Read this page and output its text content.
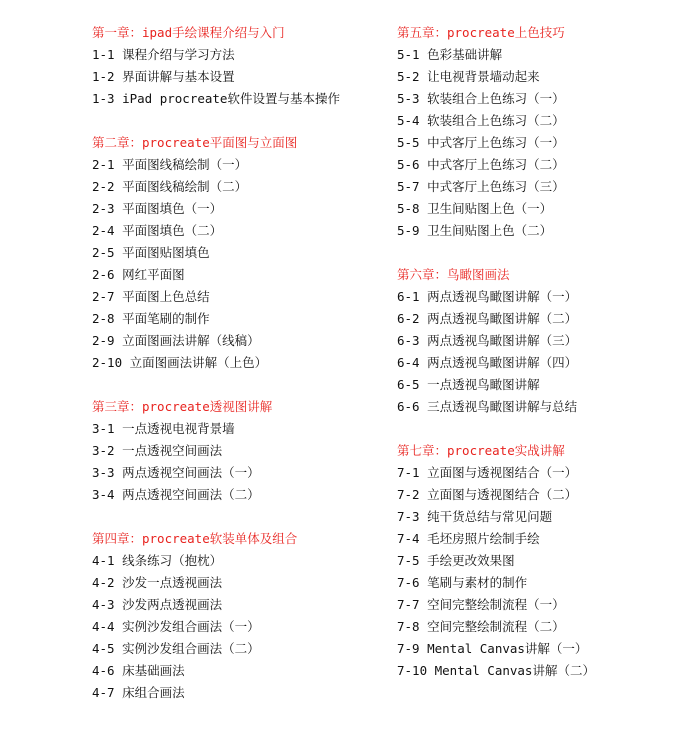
第一章：ipad手绘课程介绍与入门
1-1 课程介绍与学习方法
1-2 界面讲解与基本设置
1-3 iPad procreate软件设置与基本操作
第二章：procreate平面图与立面图
2-1 平面图线稿绘制（一）
2-2 平面图线稿绘制（二）
2-3 平面图填色（一）
2-4 平面图填色（二）
2-5 平面图贴图填色
2-6 网红平面图
2-7 平面图上色总结
2-8 平面笔刷的制作
2-9 立面图画法讲解（线稿）
2-10 立面图画法讲解（上色）
第三章：procreate透视图讲解
3-1 一点透视电视背景墙
3-2 一点透视空间画法
3-3 两点透视空间画法（一）
3-4 两点透视空间画法（二）
第四章：procreate软装单体及组合
4-1 线条练习（抱枕）
4-2 沙发一点透视画法
4-3 沙发两点透视画法
4-4 实例沙发组合画法（一）
4-5 实例沙发组合画法（二）
4-6 床基础画法
4-7 床组合画法
第五章：procreate上色技巧
5-1 色彩基础讲解
5-2 让电视背景墙动起来
5-3 软装组合上色练习（一）
5-4 软装组合上色练习（二）
5-5 中式客厅上色练习（一）
5-6 中式客厅上色练习（二）
5-7 中式客厅上色练习（三）
5-8 卫生间贴图上色（一）
5-9 卫生间贴图上色（二）
第六章：鸟瞰图画法
6-1 两点透视鸟瞰图讲解（一）
6-2 两点透视鸟瞰图讲解（二）
6-3 两点透视鸟瞰图讲解（三）
6-4 两点透视鸟瞰图讲解（四）
6-5 一点透视鸟瞰图讲解
6-6 三点透视鸟瞰图讲解与总结
第七章：procreate实战讲解
7-1 立面图与透视图结合（一）
7-2 立面图与透视图结合（二）
7-3 纯干货总结与常见问题
7-4 毛坯房照片绘制手绘
7-5 手绘更改效果图
7-6 笔刷与素材的制作
7-7 空间完整绘制流程（一）
7-8 空间完整绘制流程（二）
7-9 Mental Canvas讲解（一）
7-10 Mental Canvas讲解（二）
